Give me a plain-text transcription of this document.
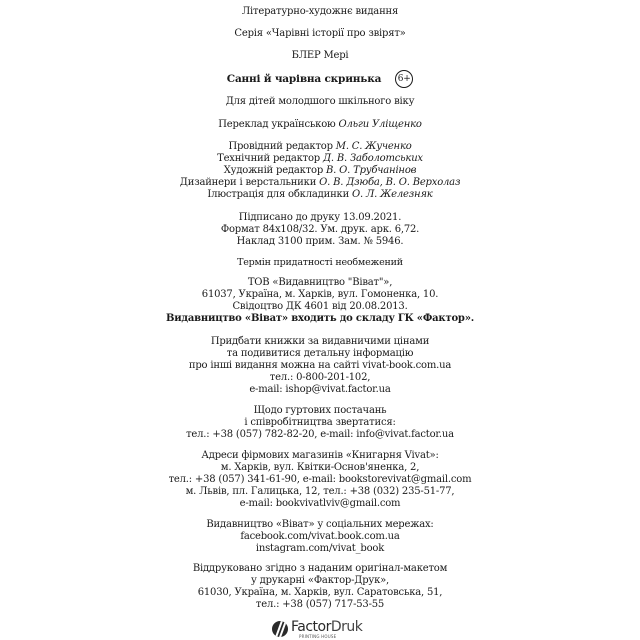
Літературно-художнє видання
Серія «Чарівні історії про звірят»
БЛЕР Мері
Санні й чарівна скринька 6+
Для дітей молодшого шкільного віку
Переклад українською Ольги Уліщенко
Провідний редактор М. С. Жученко
Технічний редактор Д. В. Заболотських
Художній редактор В. О. Трубчанінов
Дизайнери і верстальники О. В. Дзюба, В. О. Верхолаз
Ілюстрація для обкладинки О. Л. Железняк
Підписано до друку 13.09.2021.
Формат 84x108/32. Ум. друк. арк. 6,72.
Наклад 3100 прим. Зам. № 5946.
Термін придатності необмежений
ТОВ «Видавництво "Віват"»,
61037, Україна, м. Харків, вул. Гомоненка, 10.
Свідоцтво ДК 4601 від 20.08.2013.
Видавництво «Віват» входить до складу ГК «Фактор».
Придбати книжки за видавничими цінами
та подивитися детальну інформацію
про інші видання можна на сайті vivat-book.com.ua
тел.: 0-800-201-102,
e-mail: ishop@vivat.factor.ua
Щодо гуртових постачань
і співробітництва звертатися:
тел.: +38 (057) 782-82-20, e-mail: info@vivat.factor.ua
Адреси фірмових магазинів «Книгарня Vivat»:
м. Харків, вул. Квітки-Основ'яненка, 2,
тел.: +38 (057) 341-61-90, e-mail: bookstorevivat@gmail.com
м. Львів, пл. Галицька, 12, тел.: +38 (032) 235-51-77,
e-mail: bookvivatlviv@gmail.com
Видавництво «Віват» у соціальних мережах:
facebook.com/vivat.book.com.ua
instagram.com/vivat_book
Віддруковано згідно з наданим оригінал-макетом
у друкарні «Фактор-Друк»,
61030, Україна, м. Харків, вул. Саратовська, 51,
тел.: +38 (057) 717-53-55
FactorDruk
PRINTING HOUSE
